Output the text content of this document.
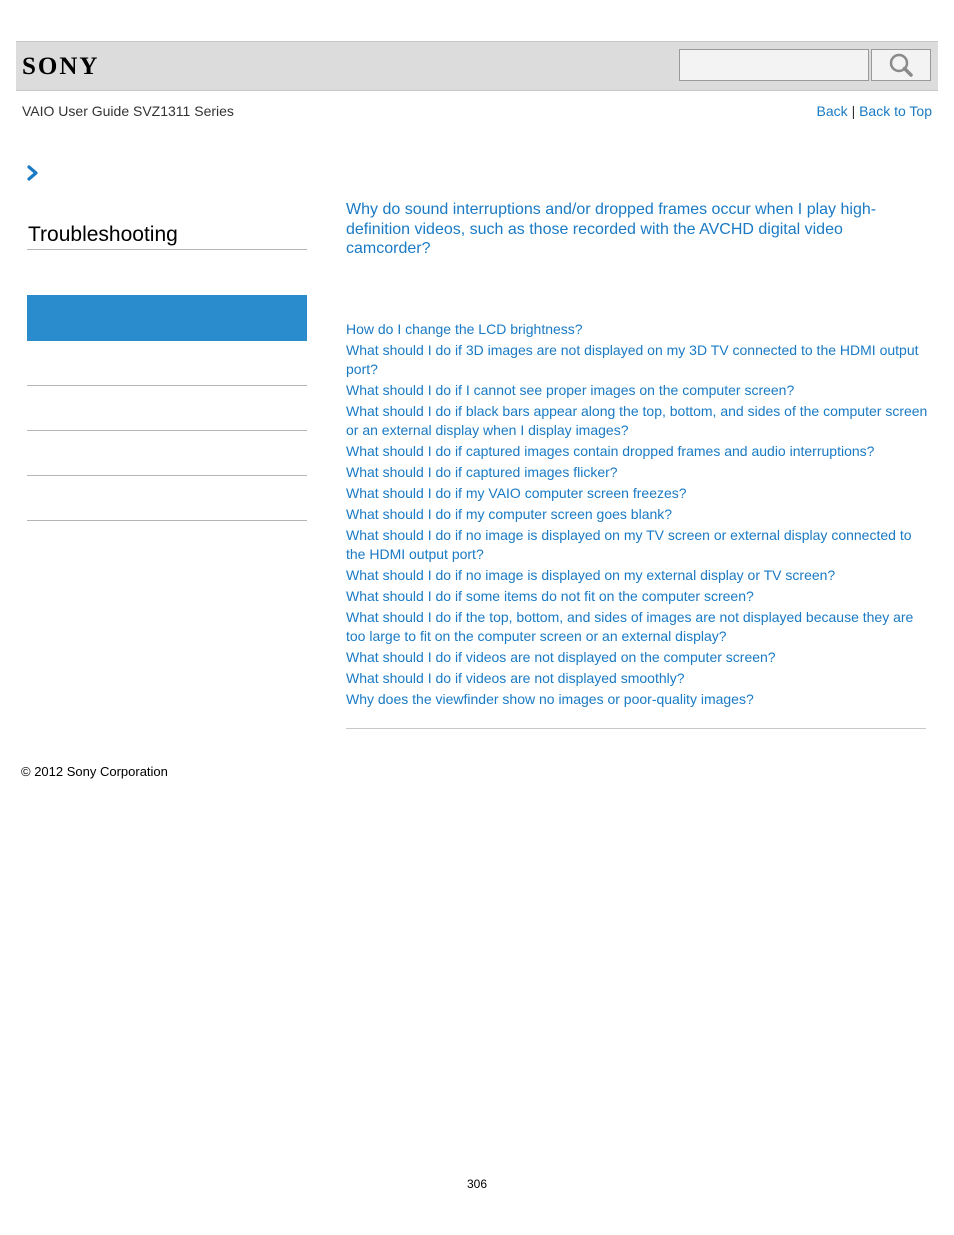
SONY
VAIO User Guide SVZ1311 Series	Back | Back to Top
Troubleshooting
Why do sound interruptions and/or dropped frames occur when I play high-definition videos, such as those recorded with the AVCHD digital video camcorder?
How do I change the LCD brightness?
What should I do if 3D images are not displayed on my 3D TV connected to the HDMI output port?
What should I do if I cannot see proper images on the computer screen?
What should I do if black bars appear along the top, bottom, and sides of the computer screen or an external display when I display images?
What should I do if captured images contain dropped frames and audio interruptions?
What should I do if captured images flicker?
What should I do if my VAIO computer screen freezes?
What should I do if my computer screen goes blank?
What should I do if no image is displayed on my TV screen or external display connected to the HDMI output port?
What should I do if no image is displayed on my external display or TV screen?
What should I do if some items do not fit on the computer screen?
What should I do if the top, bottom, and sides of images are not displayed because they are too large to fit on the computer screen or an external display?
What should I do if videos are not displayed on the computer screen?
What should I do if videos are not displayed smoothly?
Why does the viewfinder show no images or poor-quality images?
© 2012 Sony Corporation
306
